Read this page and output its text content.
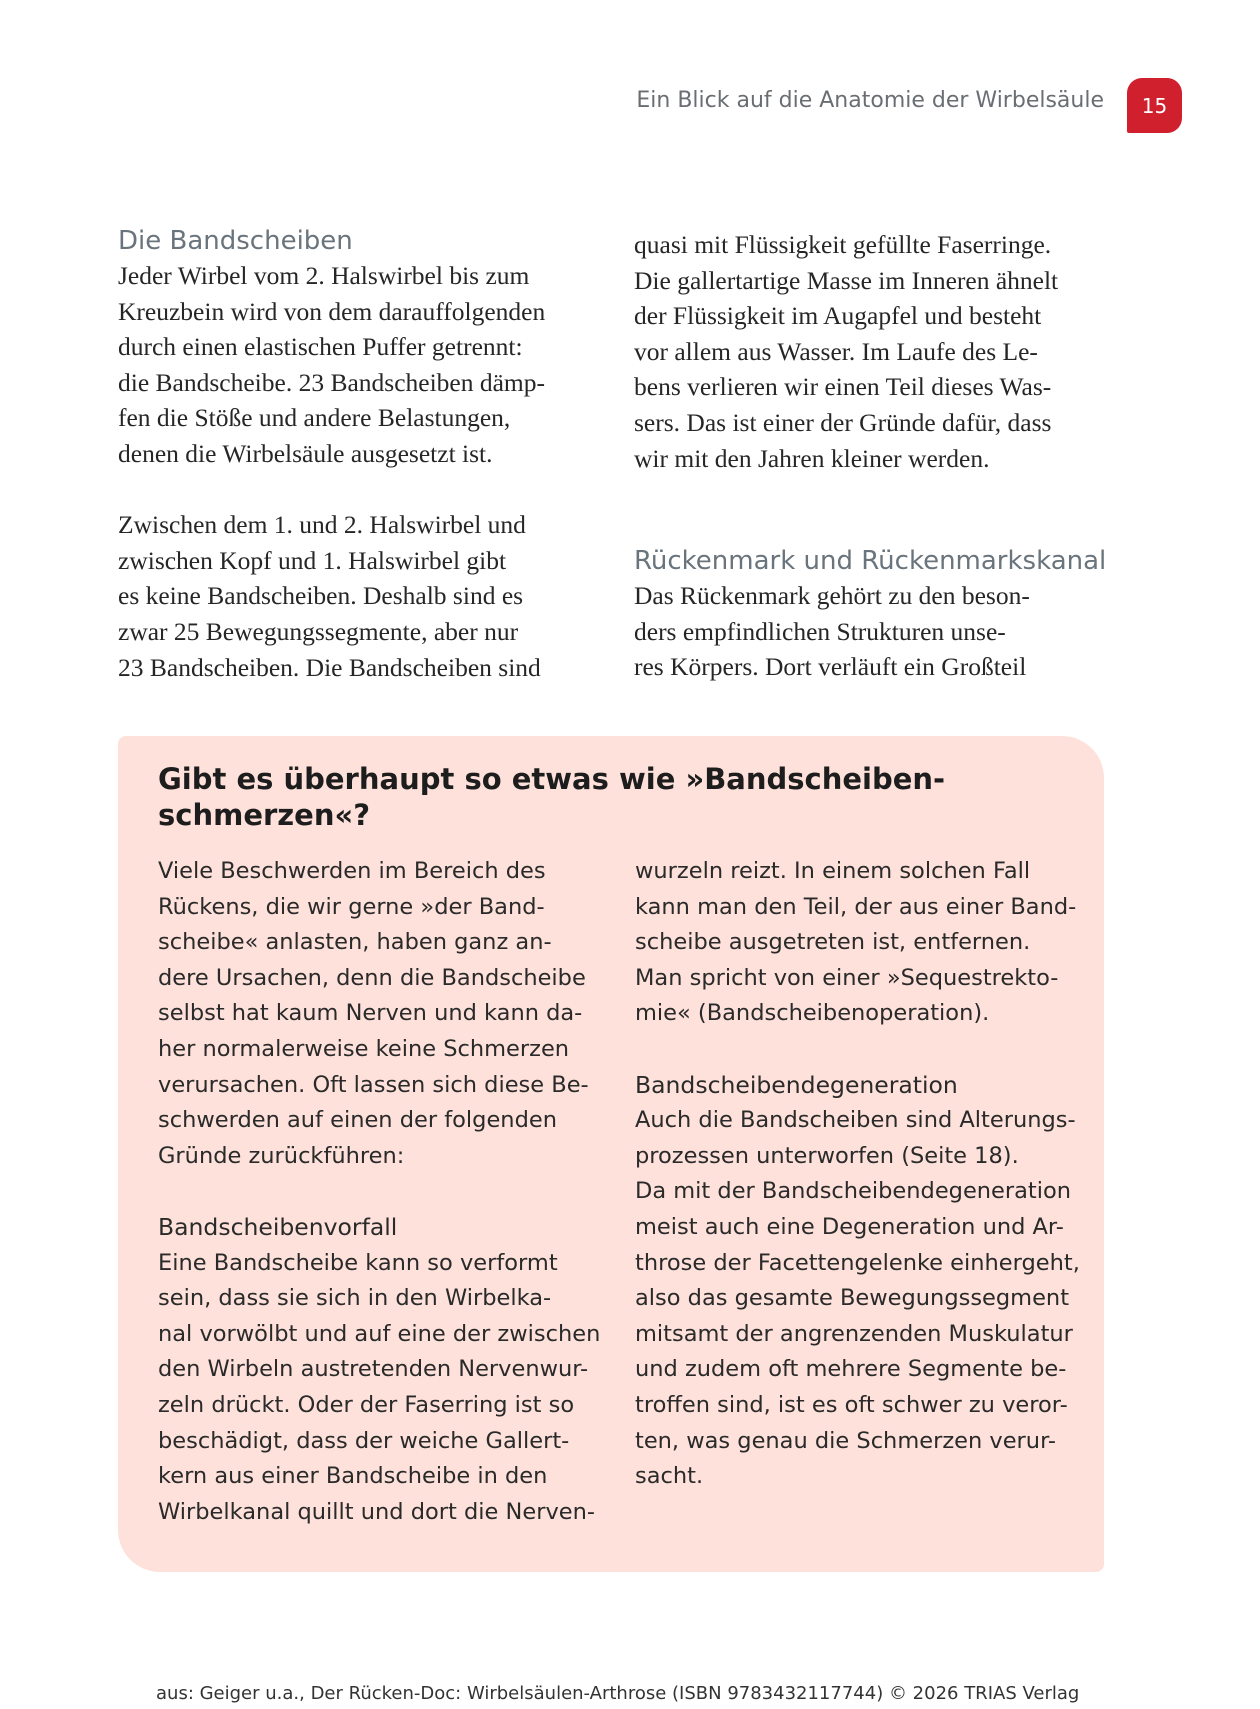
Ein Blick auf die Anatomie der Wirbelsäule	15
Die Bandscheiben

Jeder Wirbel vom 2. Halswirbel bis zum

Kreuzbein wird von dem darauffolgenden

durch einen elastischen Puffer getrennt:

die Bandscheibe. 23 Bandscheiben dämp-

fen die Stöße und andere Belastungen,

denen die Wirbelsäule ausgesetzt ist.

Zwischen dem 1. und 2. Halswirbel und

zwischen Kopf und 1. Halswirbel gibt

es keine Bandscheiben. Deshalb sind es

zwar 25 Bewegungssegmente, aber nur

23 Bandscheiben. Die Bandscheiben sind

quasi mit Flüssigkeit gefüllte Faserringe.

Die gallertartige Masse im Inneren ähnelt

der Flüssigkeit im Augapfel und besteht

vor allem aus Wasser. Im Laufe des Le-

bens verlieren wir einen Teil dieses Was-

sers. Das ist einer der Gründe dafür, dass

wir mit den Jahren kleiner werden.

Rückenmark und Rückenmarkskanal

Das Rückenmark gehört zu den beson-

ders empfindlichen Strukturen unse-

res Körpers. Dort verläuft ein Großteil

Gibt es überhaupt so etwas wie »Bandscheiben-
schmerzen«?

Viele Beschwerden im Bereich des

Rückens, die wir gerne »der Band-

scheibe« anlasten, haben ganz an-

dere Ursachen, denn die Bandscheibe

selbst hat kaum Nerven und kann da-

her normalerweise keine Schmerzen

verursachen. Oft lassen sich diese Be-

schwerden auf einen der folgenden

Gründe zurückführen:

Bandscheibenvorfall

Eine Bandscheibe kann so verformt

sein, dass sie sich in den Wirbelka-

nal vorwölbt und auf eine der zwischen

den Wirbeln austretenden Nervenwur-

zeln drückt. Oder der Faserring ist so

beschädigt, dass der weiche Gallert-

kern aus einer Bandscheibe in den

Wirbelkanal quillt und dort die Nerven-

wurzeln reizt. In einem solchen Fall

kann man den Teil, der aus einer Band-

scheibe ausgetreten ist, entfernen.

Man spricht von einer »Sequestrekto-

mie« (Bandscheibenoperation).

Bandscheibendegeneration

Auch die Bandscheiben sind Alterungs-

prozessen unterworfen (Seite 18).

Da mit der Bandscheibendegeneration

meist auch eine Degeneration und Ar-

throse der Facettengelenke einhergeht,

also das gesamte Bewegungssegment

mitsamt der angrenzenden Muskulatur

und zudem oft mehrere Segmente be-

troffen sind, ist es oft schwer zu veror-

ten, was genau die Schmerzen verur-

sacht.

aus: Geiger u.a., Der Rücken-Doc: Wirbelsäulen-Arthrose (ISBN 9783432117744) © 2026 TRIAS Verlag
